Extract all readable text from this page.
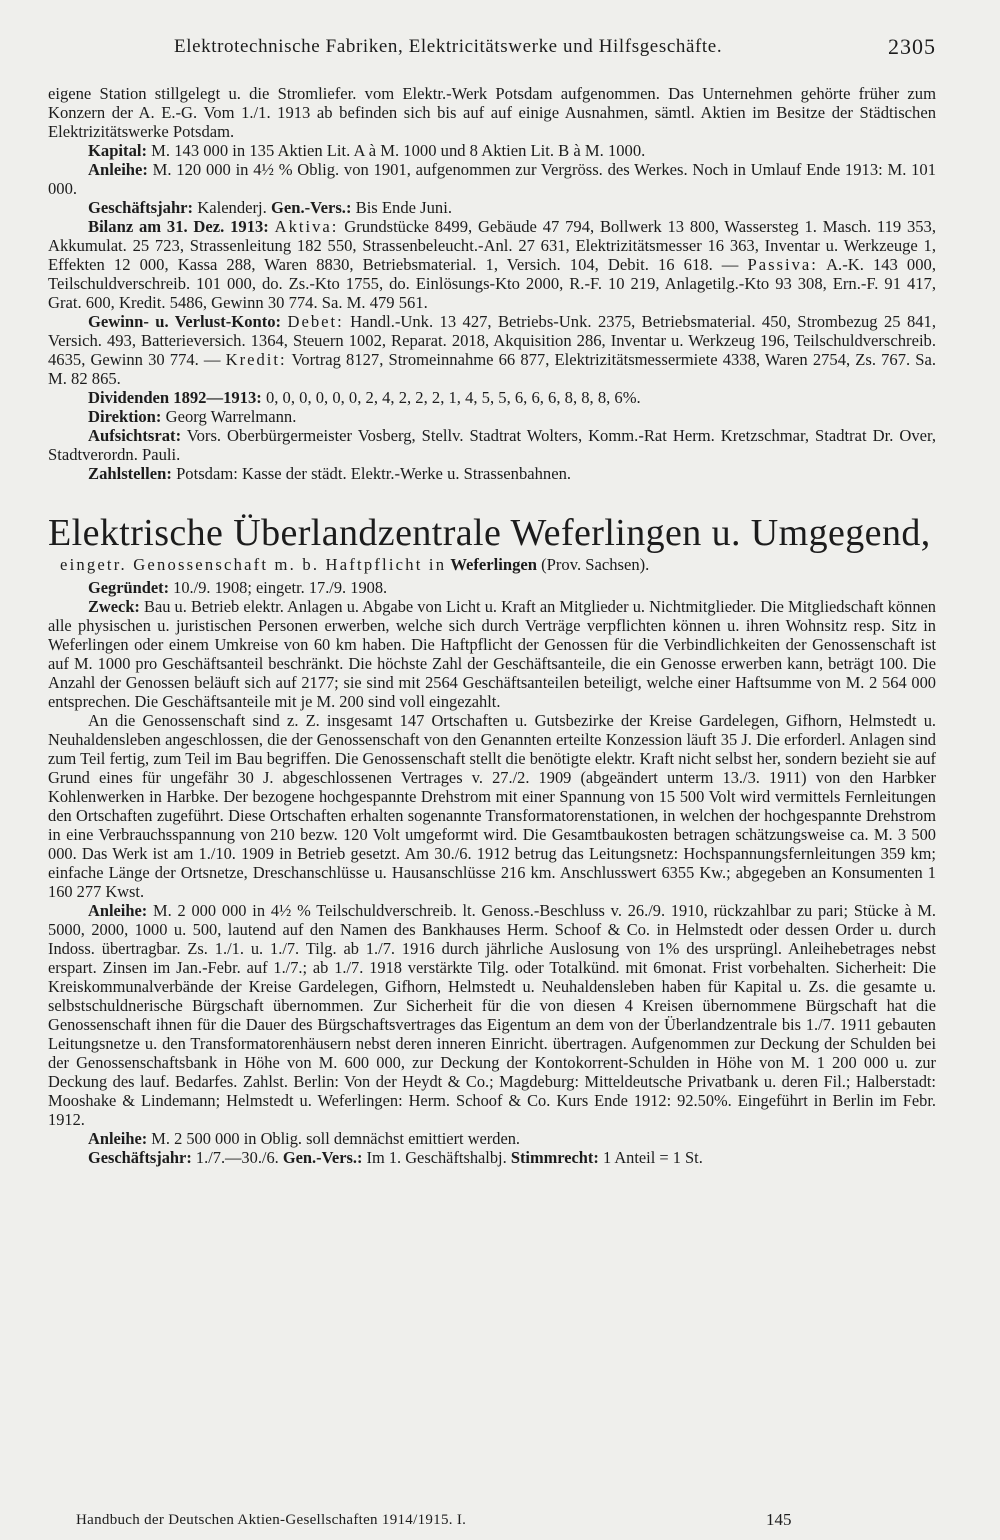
Elektrotechnische Fabriken, Elektricitätswerke und Hilfsgeschäfte.	2305

eigene Station stillgelegt u. die Stromliefer. vom Elektr.-Werk Potsdam aufgenommen. Das Unternehmen gehörte früher zum Konzern der A. E.-G. Vom 1./1. 1913 ab befinden sich bis auf auf einige Ausnahmen, sämtl. Aktien im Besitze der Städtischen Elektrizitätswerke Potsdam.

Kapital: M. 143 000 in 135 Aktien Lit. A à M. 1000 und 8 Aktien Lit. B à M. 1000.

Anleihe: M. 120 000 in 4½ % Oblig. von 1901, aufgenommen zur Vergröss. des Werkes. Noch in Umlauf Ende 1913: M. 101 000.

Geschäftsjahr: Kalenderj. Gen.-Vers.: Bis Ende Juni.

Bilanz am 31. Dez. 1913: Aktiva: Grundstücke 8499, Gebäude 47 794, Bollwerk 13 800, Wassersteg 1. Masch. 119 353, Akkumulat. 25 723, Strassenleitung 182 550, Strassenbeleucht.-Anl. 27 631, Elektrizitätsmesser 16 363, Inventar u. Werkzeuge 1, Effekten 12 000, Kassa 288, Waren 8830, Betriebsmaterial. 1, Versich. 104, Debit. 16 618. — Passiva: A.-K. 143 000, Teilschuldverschreib. 101 000, do. Zs.-Kto 1755, do. Einlösungs-Kto 2000, R.-F. 10 219, Anlagetilg.-Kto 93 308, Ern.-F. 91 417, Grat. 600, Kredit. 5486, Gewinn 30 774. Sa. M. 479 561.

Gewinn- u. Verlust-Konto: Debet: Handl.-Unk. 13 427, Betriebs-Unk. 2375, Betriebsmaterial. 450, Strombezug 25 841, Versich. 493, Batterieversich. 1364, Steuern 1002, Reparat. 2018, Akquisition 286, Inventar u. Werkzeug 196, Teilschuldverschreib. 4635, Gewinn 30 774. — Kredit: Vortrag 8127, Stromeinnahme 66 877, Elektrizitätsmessermiete 4338, Waren 2754, Zs. 767. Sa. M. 82 865.

Dividenden 1892—1913: 0, 0, 0, 0, 0, 0, 2, 4, 2, 2, 2, 1, 4, 5, 5, 6, 6, 6, 8, 8, 8, 6%.

Direktion: Georg Warrelmann.

Aufsichtsrat: Vors. Oberbürgermeister Vosberg, Stellv. Stadtrat Wolters, Komm.-Rat Herm. Kretzschmar, Stadtrat Dr. Over, Stadtverordn. Pauli.

Zahlstellen: Potsdam: Kasse der städt. Elektr.-Werke u. Strassenbahnen.

Elektrische Überlandzentrale Weferlingen u. Umgegend,

eingetr. Genossenschaft m. b. Haftpflicht in Weferlingen (Prov. Sachsen).

Gegründet: 10./9. 1908; eingetr. 17./9. 1908.

Zweck: Bau u. Betrieb elektr. Anlagen u. Abgabe von Licht u. Kraft an Mitglieder u. Nichtmitglieder. Die Mitgliedschaft können alle physischen u. juristischen Personen erwerben, welche sich durch Verträge verpflichten können u. ihren Wohnsitz resp. Sitz in Weferlingen oder einem Umkreise von 60 km haben. Die Haftpflicht der Genossen für die Verbindlichkeiten der Genossenschaft ist auf M. 1000 pro Geschäftsanteil beschränkt. Die höchste Zahl der Geschäftsanteile, die ein Genosse erwerben kann, beträgt 100. Die Anzahl der Genossen beläuft sich auf 2177; sie sind mit 2564 Geschäftsanteilen beteiligt, welche einer Haftsumme von M. 2 564 000 entsprechen. Die Geschäftsanteile mit je M. 200 sind voll eingezahlt.

An die Genossenschaft sind z. Z. insgesamt 147 Ortschaften u. Gutsbezirke der Kreise Gardelegen, Gifhorn, Helmstedt u. Neuhaldensleben angeschlossen, die der Genossenschaft von den Genannten erteilte Konzession läuft 35 J. Die erforderl. Anlagen sind zum Teil fertig, zum Teil im Bau begriffen. Die Genossenschaft stellt die benötigte elektr. Kraft nicht selbst her, sondern bezieht sie auf Grund eines für ungefähr 30 J. abgeschlossenen Vertrages v. 27./2. 1909 (abgeändert unterm 13./3. 1911) von den Harbker Kohlenwerken in Harbke. Der bezogene hochgespannte Drehstrom mit einer Spannung von 15 500 Volt wird vermittels Fernleitungen den Ortschaften zugeführt. Diese Ortschaften erhalten sogenannte Transformatorenstationen, in welchen der hochgespannte Drehstrom in eine Verbrauchsspannung von 210 bezw. 120 Volt umgeformt wird. Die Gesamtbaukosten betragen schätzungsweise ca. M. 3 500 000. Das Werk ist am 1./10. 1909 in Betrieb gesetzt. Am 30./6. 1912 betrug das Leitungsnetz: Hochspannungsfernleitungen 359 km; einfache Länge der Ortsnetze, Dreschanschlüsse u. Hausanschlüsse 216 km. Anschlusswert 6355 Kw.; abgegeben an Konsumenten 1 160 277 Kwst.

Anleihe: M. 2 000 000 in 4½ % Teilschuldverschreib. lt. Genoss.-Beschluss v. 26./9. 1910, rückzahlbar zu pari; Stücke à M. 5000, 2000, 1000 u. 500, lautend auf den Namen des Bankhauses Herm. Schoof & Co. in Helmstedt oder dessen Order u. durch Indoss. übertragbar. Zs. 1./1. u. 1./7. Tilg. ab 1./7. 1916 durch jährliche Auslosung von 1% des ursprüngl. Anleihebetrages nebst erspart. Zinsen im Jan.-Febr. auf 1./7.; ab 1./7. 1918 verstärkte Tilg. oder Totalkünd. mit 6monat. Frist vorbehalten. Sicherheit: Die Kreiskommunalverbände der Kreise Gardelegen, Gifhorn, Helmstedt u. Neuhaldensleben haben für Kapital u. Zs. die gesamte u. selbstschuldnerische Bürgschaft übernommen. Zur Sicherheit für die von diesen 4 Kreisen übernommene Bürgschaft hat die Genossenschaft ihnen für die Dauer des Bürgschaftsvertrages das Eigentum an dem von der Überlandzentrale bis 1./7. 1911 gebauten Leitungsnetze u. den Transformatorenhäusern nebst deren inneren Einricht. übertragen. Aufgenommen zur Deckung der Schulden bei der Genossenschaftsbank in Höhe von M. 600 000, zur Deckung der Kontokorrent-Schulden in Höhe von M. 1 200 000 u. zur Deckung des lauf. Bedarfes. Zahlst. Berlin: Von der Heydt & Co.; Magdeburg: Mitteldeutsche Privatbank u. deren Fil.; Halberstadt: Mooshake & Lindemann; Helmstedt u. Weferlingen: Herm. Schoof & Co. Kurs Ende 1912: 92.50%. Eingeführt in Berlin im Febr. 1912.

Anleihe: M. 2 500 000 in Oblig. soll demnächst emittiert werden.

Geschäftsjahr: 1./7.—30./6. Gen.-Vers.: Im 1. Geschäftshalbj. Stimmrecht: 1 Anteil = 1 St.

Handbuch der Deutschen Aktien-Gesellschaften 1914/1915. I.	145
